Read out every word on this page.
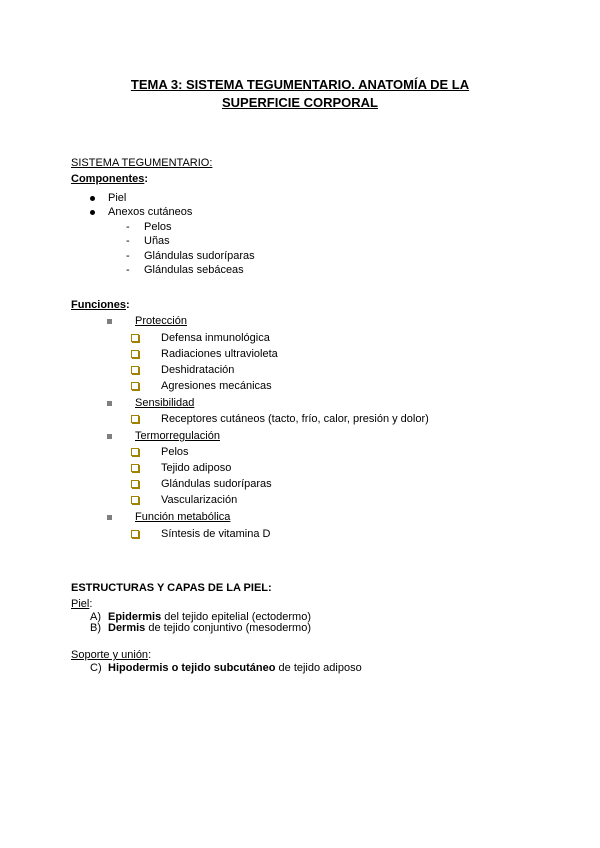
TEMA 3: SISTEMA TEGUMENTARIO. ANATOMÍA DE LA
SUPERFICIE CORPORAL
SISTEMA TEGUMENTARIO:
Componentes:
Piel
Anexos cutáneos
- Pelos
- Uñas
- Glándulas sudoríparas
- Glándulas sebáceas
Funciones:
Protección
Defensa inmunológica
Radiaciones ultravioleta
Deshidratación
Agresiones mecánicas
Sensibilidad
Receptores cutáneos (tacto, frío, calor, presión y dolor)
Termorregulación
Pelos
Tejido adiposo
Glándulas sudoríparas
Vascularización
Función metabólica
Síntesis de vitamina D
ESTRUCTURAS Y CAPAS DE LA PIEL:
Piel:
A) Epidermis del tejido epitelial (ectodermo)
B) Dermis de tejido conjuntivo (mesodermo)
Soporte y unión:
C) Hipodermis o tejido subcutáneo de tejido adiposo
